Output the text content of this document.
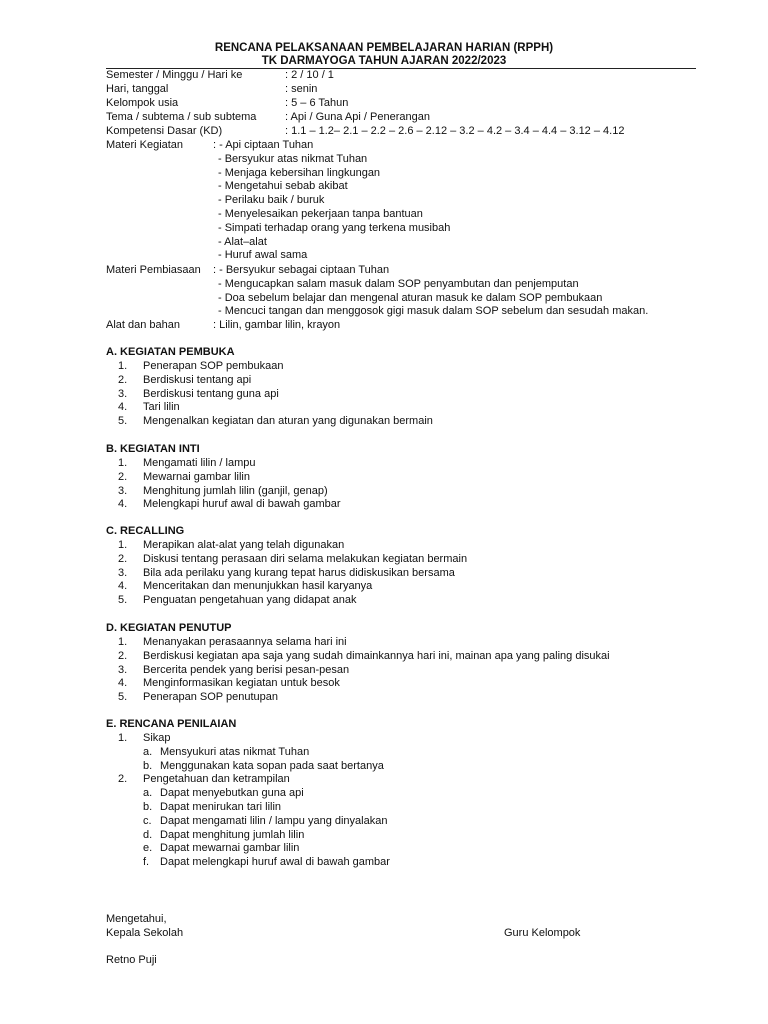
RENCANA PELAKSANAAN PEMBELAJARAN HARIAN (RPPH)
TK DARMAYOGA TAHUN AJARAN 2022/2023
Semester / Minggu / Hari ke	: 2 / 10 / 1
Hari, tanggal	: senin
Kelompok usia	: 5 – 6 Tahun
Tema / subtema / sub subtema	: Api / Guna Api / Penerangan
Kompetensi Dasar (KD)	: 1.1 – 1.2– 2.1 – 2.2 – 2.6 – 2.12 – 3.2 – 4.2 – 3.4 – 4.4 – 3.12 – 4.12
Materi Kegiatan	: - Api ciptaan Tuhan
- Bersyukur atas nikmat Tuhan
- Menjaga kebersihan lingkungan
- Mengetahui sebab akibat
- Perilaku baik / buruk
- Menyelesaikan pekerjaan tanpa bantuan
- Simpati terhadap orang yang terkena musibah
- Alat–alat
- Huruf awal sama
Materi Pembiasaan : - Bersyukur sebagai ciptaan Tuhan
- Mengucapkan salam masuk dalam SOP penyambutan dan penjemputan
- Doa sebelum belajar dan mengenal aturan masuk ke dalam SOP pembukaan
- Mencuci tangan dan menggosok gigi masuk dalam SOP sebelum dan sesudah makan.
Alat dan bahan	: Lilin, gambar lilin, krayon
A. KEGIATAN PEMBUKA
1. Penerapan SOP pembukaan
2. Berdiskusi tentang api
3. Berdiskusi tentang guna api
4. Tari lilin
5. Mengenalkan kegiatan dan aturan yang digunakan bermain
B. KEGIATAN INTI
1. Mengamati lilin / lampu
2. Mewarnai gambar lilin
3. Menghitung jumlah lilin (ganjil, genap)
4. Melengkapi huruf awal di bawah gambar
C. RECALLING
1. Merapikan alat-alat yang telah digunakan
2. Diskusi tentang perasaan diri selama melakukan kegiatan bermain
3. Bila ada perilaku yang kurang tepat harus didiskusikan bersama
4. Menceritakan dan menunjukkan hasil karyanya
5. Penguatan pengetahuan yang didapat anak
D. KEGIATAN PENUTUP
1. Menanyakan perasaannya selama hari ini
2. Berdiskusi kegiatan apa saja yang sudah dimainkannya hari ini, mainan apa yang paling disukai
3. Bercerita pendek yang berisi pesan-pesan
4. Menginformasikan kegiatan untuk besok
5. Penerapan SOP penutupan
E. RENCANA PENILAIAN
1. Sikap
a. Mensyukuri atas nikmat Tuhan
b. Menggunakan kata sopan pada saat bertanya
2. Pengetahuan dan ketrampilan
a. Dapat menyebutkan guna api
b. Dapat menirukan tari lilin
c. Dapat mengamati lilin / lampu yang dinyalakan
d. Dapat menghitung jumlah lilin
e. Dapat mewarnai gambar lilin
f. Dapat melengkapi huruf awal di bawah gambar
Mengetahui,
Kepala Sekolah	Guru Kelompok
Retno Puji
